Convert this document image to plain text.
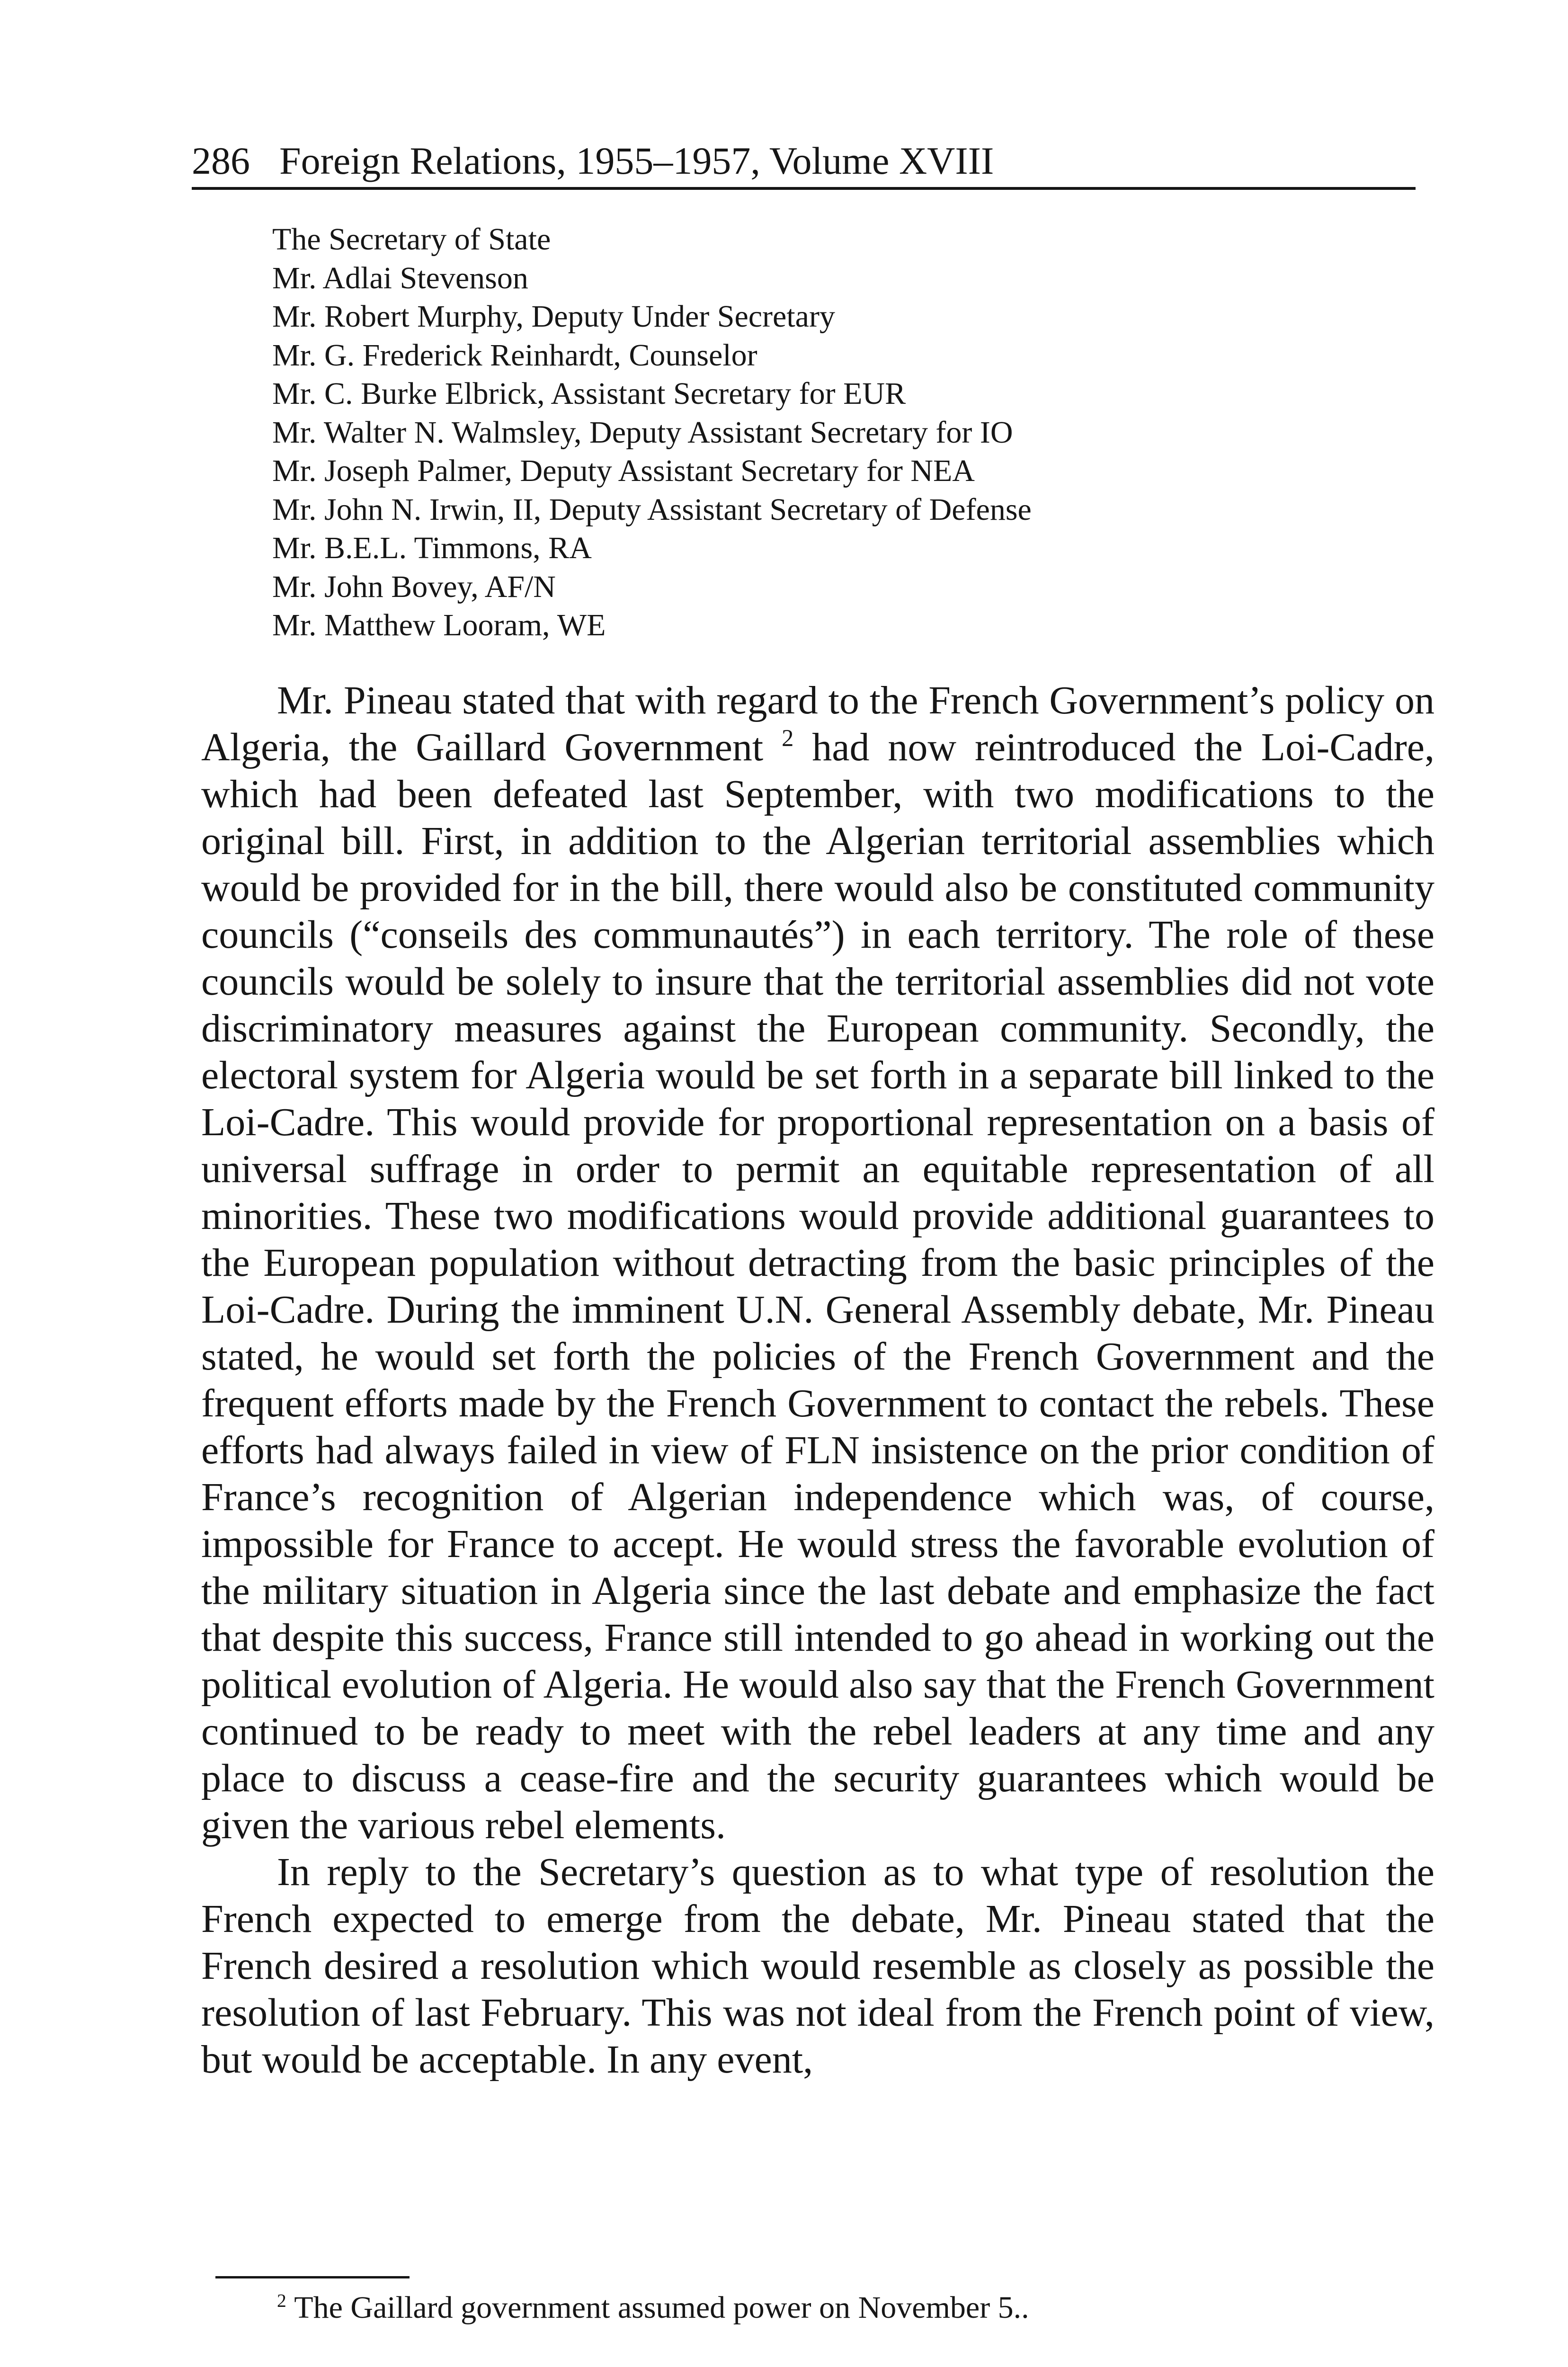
286 Foreign Relations, 1955–1957, Volume XVIII
The Secretary of State
Mr. Adlai Stevenson
Mr. Robert Murphy, Deputy Under Secretary
Mr. G. Frederick Reinhardt, Counselor
Mr. C. Burke Elbrick, Assistant Secretary for EUR
Mr. Walter N. Walmsley, Deputy Assistant Secretary for IO
Mr. Joseph Palmer, Deputy Assistant Secretary for NEA
Mr. John N. Irwin, II, Deputy Assistant Secretary of Defense
Mr. B.E.L. Timmons, RA
Mr. John Bovey, AF/N
Mr. Matthew Looram, WE

Mr. Pineau stated that with regard to the French Government’s policy on Algeria, the Gaillard Government $^2$ had now reintroduced the Loi-Cadre, which had been defeated last September, with two modifications to the original bill. First, in addition to the Algerian territorial assemblies which would be provided for in the bill, there would also be constituted community councils (“conseils des communautés”) in each territory. The role of these councils would be solely to insure that the territorial assemblies did not vote discriminatory measures against the European community. Secondly, the electoral system for Algeria would be set forth in a separate bill linked to the Loi-Cadre. This would provide for proportional representation on a basis of universal suffrage in order to permit an equitable representation of all minorities. These two modifications would provide additional guarantees to the European population without detracting from the basic principles of the Loi-Cadre. During the imminent U.N. General Assembly debate, Mr. Pineau stated, he would set forth the policies of the French Government and the frequent efforts made by the French Government to contact the rebels. These efforts had always failed in view of FLN insistence on the prior condition of France’s recognition of Algerian independence which was, of course, impossible for France to accept. He would stress the favorable evolution of the military situation in Algeria since the last debate and emphasize the fact that despite this success, France still intended to go ahead in working out the political evolution of Algeria. He would also say that the French Government continued to be ready to meet with the rebel leaders at any time and any place to discuss a cease-fire and the security guarantees which would be given the various rebel elements.

In reply to the Secretary’s question as to what type of resolution the French expected to emerge from the debate, Mr. Pineau stated that the French desired a resolution which would resemble as closely as possible the resolution of last February. This was not ideal from the French point of view, but would be acceptable. In any event,

$^2$ The Gaillard government assumed power on November 5..
